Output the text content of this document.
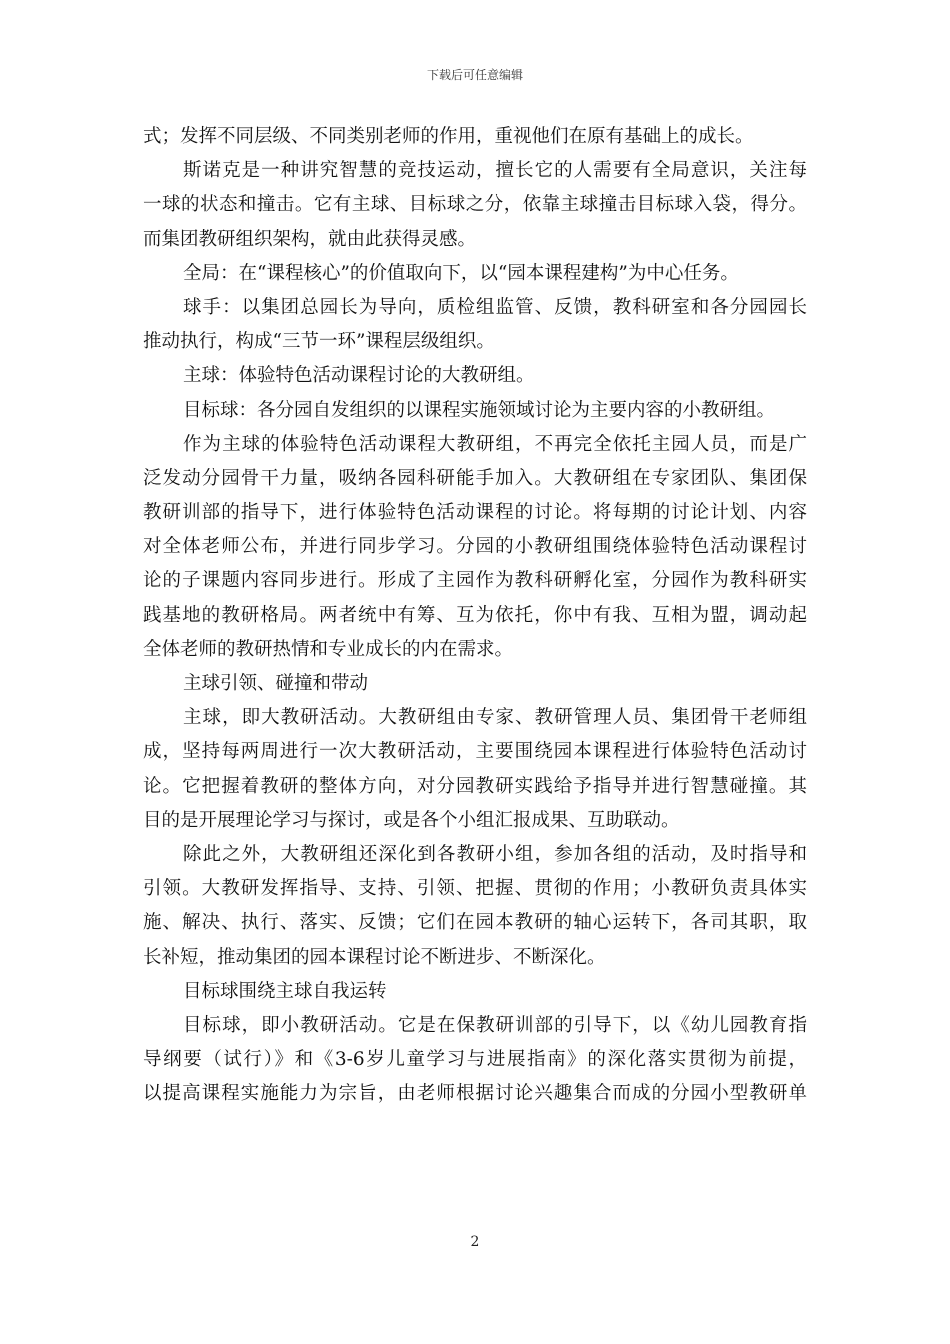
下载后可任意编辑
式；发挥不同层级、不同类别老师的作用，重视他们在原有基础上的成长。
斯诺克是一种讲究智慧的竞技运动，擅长它的人需要有全局意识，关注每
一球的状态和撞击。它有主球、目标球之分，依靠主球撞击目标球入袋，得分。
而集团教研组织架构，就由此获得灵感。
全局：在“课程核心”的价值取向下，以“园本课程建构”为中心任务。
球手：以集团总园长为导向，质检组监管、反馈，教科研室和各分园园长
推动执行，构成“三节一环”课程层级组织。
主球：体验特色活动课程讨论的大教研组。
目标球：各分园自发组织的以课程实施领域讨论为主要内容的小教研组。
作为主球的体验特色活动课程大教研组，不再完全依托主园人员，而是广
泛发动分园骨干力量，吸纳各园科研能手加入。大教研组在专家团队、集团保
教研训部的指导下，进行体验特色活动课程的讨论。将每期的讨论计划、内容
对全体老师公布，并进行同步学习。分园的小教研组围绕体验特色活动课程讨
论的子课题内容同步进行。形成了主园作为教科研孵化室，分园作为教科研实
践基地的教研格局。两者统中有筹、互为依托，你中有我、互相为盟，调动起
全体老师的教研热情和专业成长的内在需求。
主球引领、碰撞和带动
主球，即大教研活动。大教研组由专家、教研管理人员、集团骨干老师组
成，坚持每两周进行一次大教研活动，主要围绕园本课程进行体验特色活动讨
论。它把握着教研的整体方向，对分园教研实践给予指导并进行智慧碰撞。其
目的是开展理论学习与探讨，或是各个小组汇报成果、互助联动。
除此之外，大教研组还深化到各教研小组，参加各组的活动，及时指导和
引领。大教研发挥指导、支持、引领、把握、贯彻的作用；小教研负责具体实
施、解决、执行、落实、反馈；它们在园本教研的轴心运转下，各司其职，取
长补短，推动集团的园本课程讨论不断进步、不断深化。
目标球围绕主球自我运转
目标球，即小教研活动。它是在保教研训部的引导下，以《幼儿园教育指
导纲要（试行）》和《3-6岁儿童学习与进展指南》的深化落实贯彻为前提，
以提高课程实施能力为宗旨，由老师根据讨论兴趣集合而成的分园小型教研单
2
